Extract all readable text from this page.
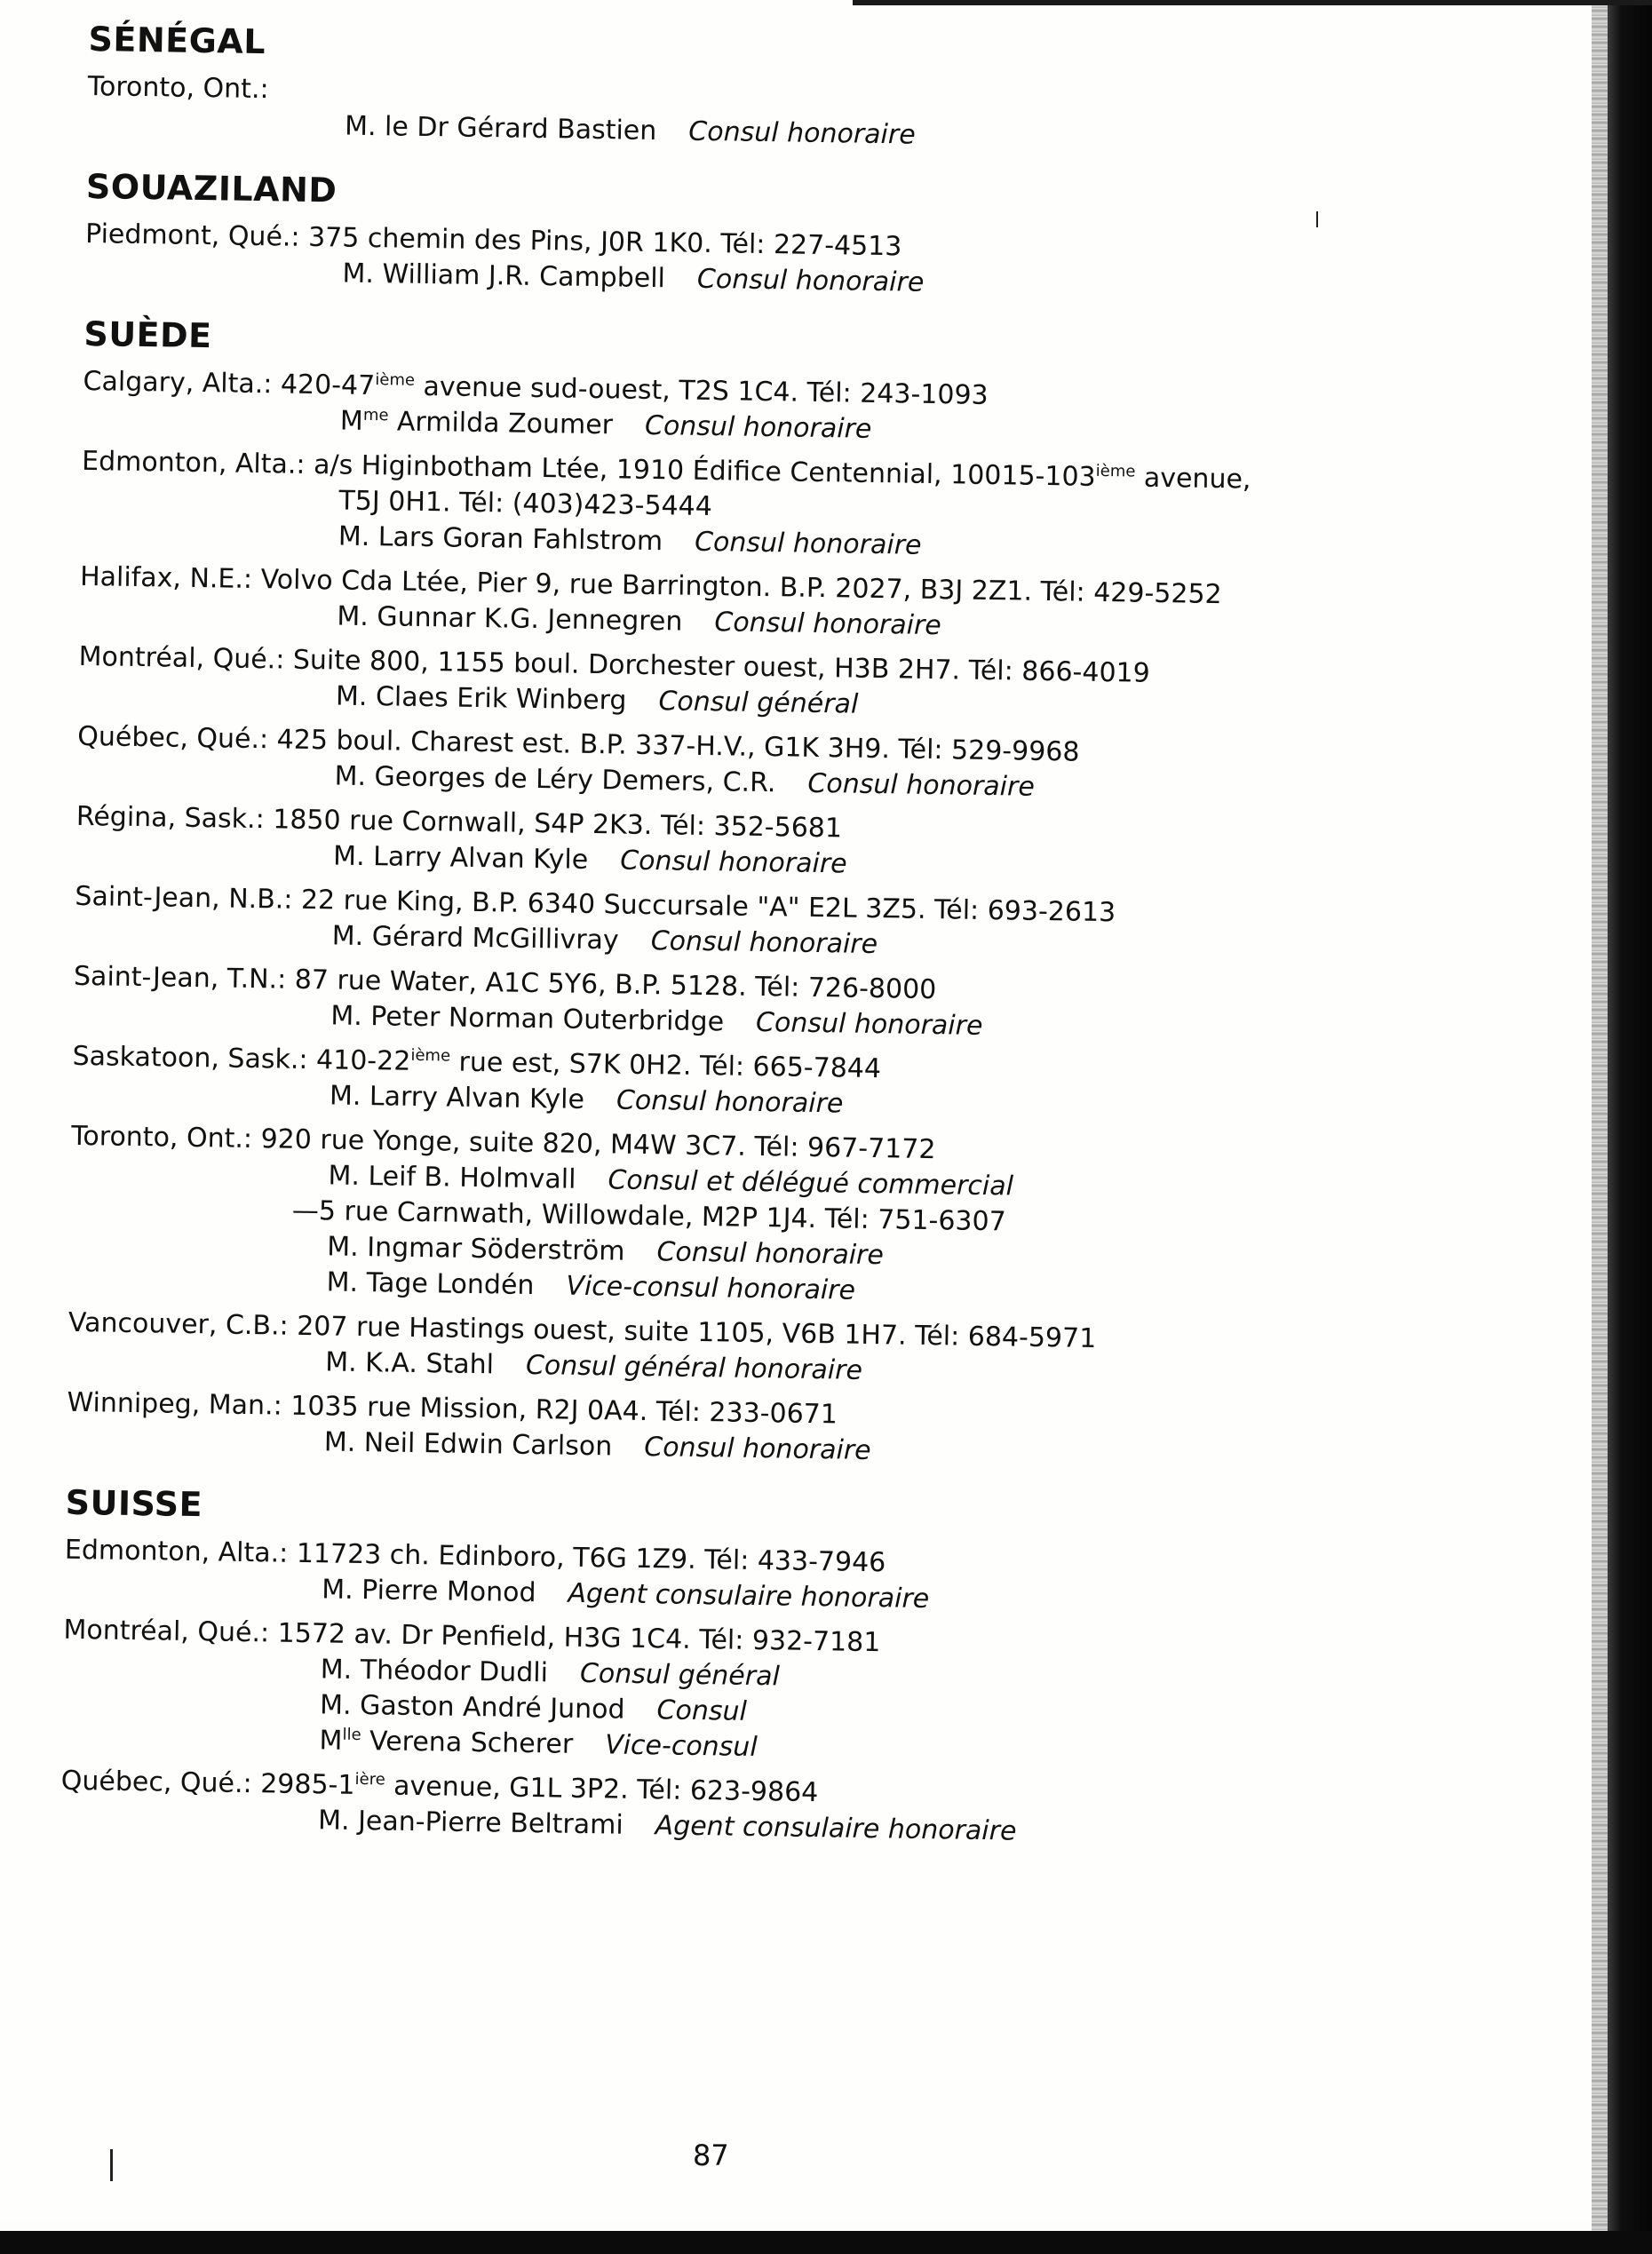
SÉNÉGAL
Toronto, Ont.:
M. le Dr Gérard Bastien Consul honoraire
SOUAZILAND
Piedmont, Qué.: 375 chemin des Pins, J0R 1K0. Tél: 227-4513
M. William J.R. Campbell Consul honoraire
SUÈDE
Calgary, Alta.: 420-47ième avenue sud-ouest, T2S 1C4. Tél: 243-1093
$M^{me}$ Armilda Zoumer Consul honoraire
Edmonton, Alta.: a/s Higinbotham Ltée, 1910 Édifice Centennial, 10015-103ième avenue,
T5J 0H1. Tél: (403)423-5444
M. Lars Goran Fahlstrom Consul honoraire
Halifax, N.E.: Volvo Cda Ltée, Pier 9, rue Barrington. B.P. 2027, B3J 2Z1. Tél: 429-5252
M. Gunnar K.G. Jennegren Consul honoraire
Montréal, Qué.: Suite 800, 1155 boul. Dorchester ouest, H3B 2H7. Tél: 866-4019
M. Claes Erik Winberg Consul général
Québec, Qué.: 425 boul. Charest est. B.P. 337-H.V., G1K 3H9. Tél: 529-9968
M. Georges de Léry Demers, C.R. Consul honoraire
Régina, Sask.: 1850 rue Cornwall, S4P 2K3. Tél: 352-5681
M. Larry Alvan Kyle Consul honoraire
Saint-Jean, N.B.: 22 rue King, B.P. 6340 Succursale "A" E2L 3Z5. Tél: 693-2613
M. Gérard McGillivray Consul honoraire
Saint-Jean, T.N.: 87 rue Water, A1C 5Y6, B.P. 5128. Tél: 726-8000
M. Peter Norman Outerbridge Consul honoraire
Saskatoon, Sask.: 410-22ième rue est, S7K 0H2. Tél: 665-7844
M. Larry Alvan Kyle Consul honoraire
Toronto, Ont.: 920 rue Yonge, suite 820, M4W 3C7. Tél: 967-7172
M. Leif B. Holmvall Consul et délégué commercial
—5 rue Carnwath, Willowdale, M2P 1J4. Tél: 751-6307
M. Ingmar Söderström Consul honoraire
M. Tage Londén Vice-consul honoraire
Vancouver, C.B.: 207 rue Hastings ouest, suite 1105, V6B 1H7. Tél: 684-5971
M. K.A. Stahl Consul général honoraire
Winnipeg, Man.: 1035 rue Mission, R2J 0A4. Tél: 233-0671
M. Neil Edwin Carlson Consul honoraire
SUISSE
Edmonton, Alta.: 11723 ch. Edinboro, T6G 1Z9. Tél: 433-7946
M. Pierre Monod Agent consulaire honoraire
Montréal, Qué.: 1572 av. Dr Penfield, H3G 1C4. Tél: 932-7181
M. Théodor Dudli Consul général
M. Gaston André Junod Consul
$M^{lle}$ Verena Scherer Vice-consul
Québec, Qué.: $2985-1^{ière}$ avenue, G1L 3P2. Tél: 623-9864
M. Jean-Pierre Beltrami Agent consulaire honoraire
87
